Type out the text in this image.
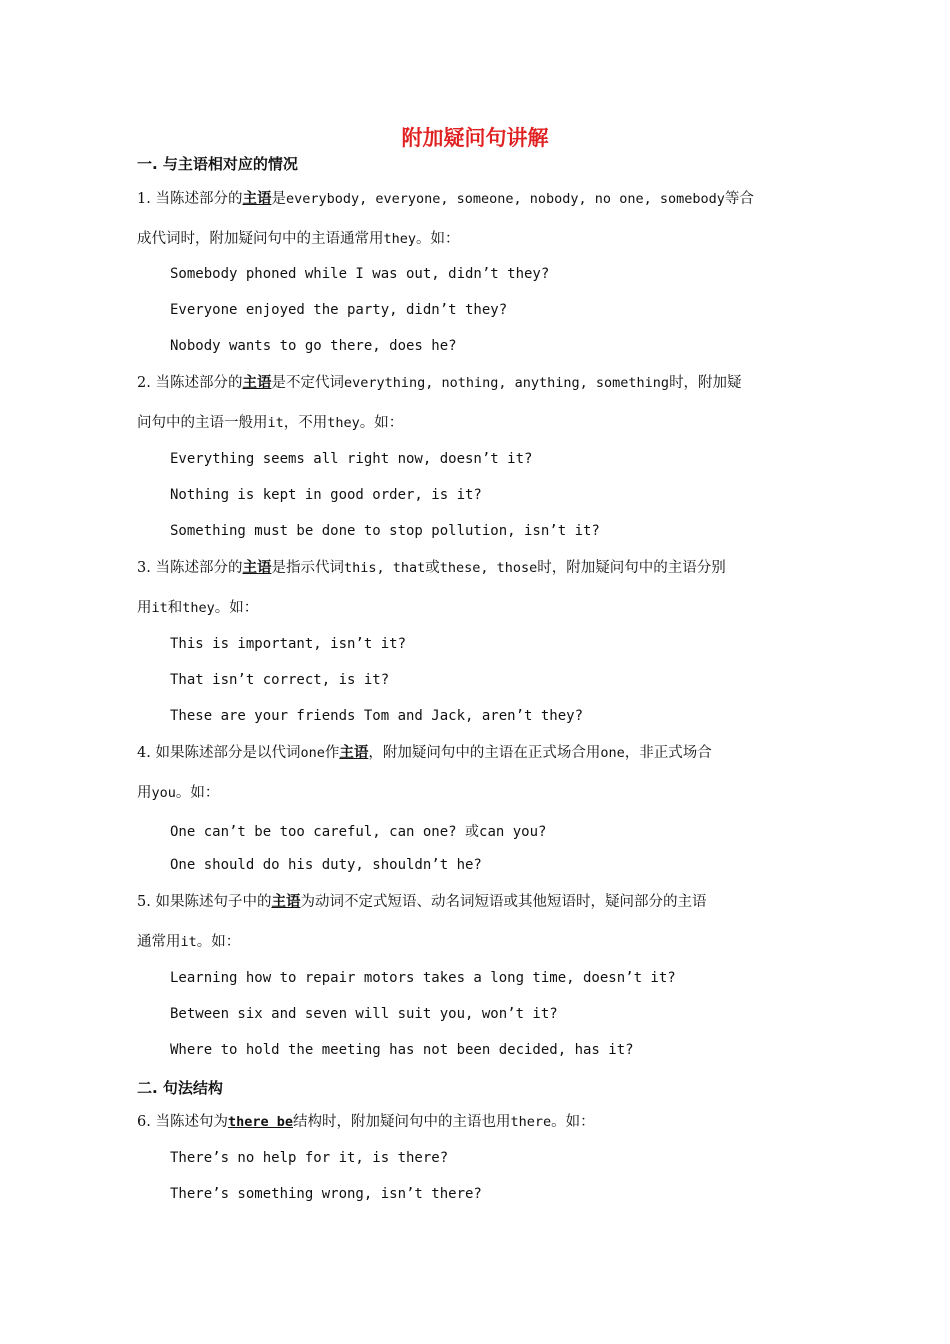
附加疑问句讲解
一. 与主语相对应的情况
1. 当陈述部分的主语是everybody, everyone, someone, nobody, no one, somebody等合
成代词时，附加疑问句中的主语通常用they。如：
Somebody phoned while I was out, didn’t they?
Everyone enjoyed the party, didn’t they?
Nobody wants to go there, does he?
2. 当陈述部分的主语是不定代词everything, nothing, anything, something时，附加疑
问句中的主语一般用it，不用they。如：
Everything seems all right now, doesn’t it?
Nothing is kept in good order, is it?
Something must be done to stop pollution, isn’t it?
3. 当陈述部分的主语是指示代词this, that或these, those时，附加疑问句中的主语分别
用it和they。如：
This is important, isn’t it?
That isn’t correct, is it?
These are your friends Tom and Jack, aren’t they?
4. 如果陈述部分是以代词one作主语，附加疑问句中的主语在正式场合用one，非正式场合
用you。如：
One can’t be too careful, can one? 或can you?
One should do his duty, shouldn’t he?
5. 如果陈述句子中的主语为动词不定式短语、动名词短语或其他短语时，疑问部分的主语
通常用it。如：
Learning how to repair motors takes a long time, doesn’t it?
Between six and seven will suit you, won’t it?
Where to hold the meeting has not been decided, has it?
二. 句法结构
6. 当陈述句为there be结构时，附加疑问句中的主语也用there。如：
There’s no help for it, is there?
There’s something wrong, isn’t there?
